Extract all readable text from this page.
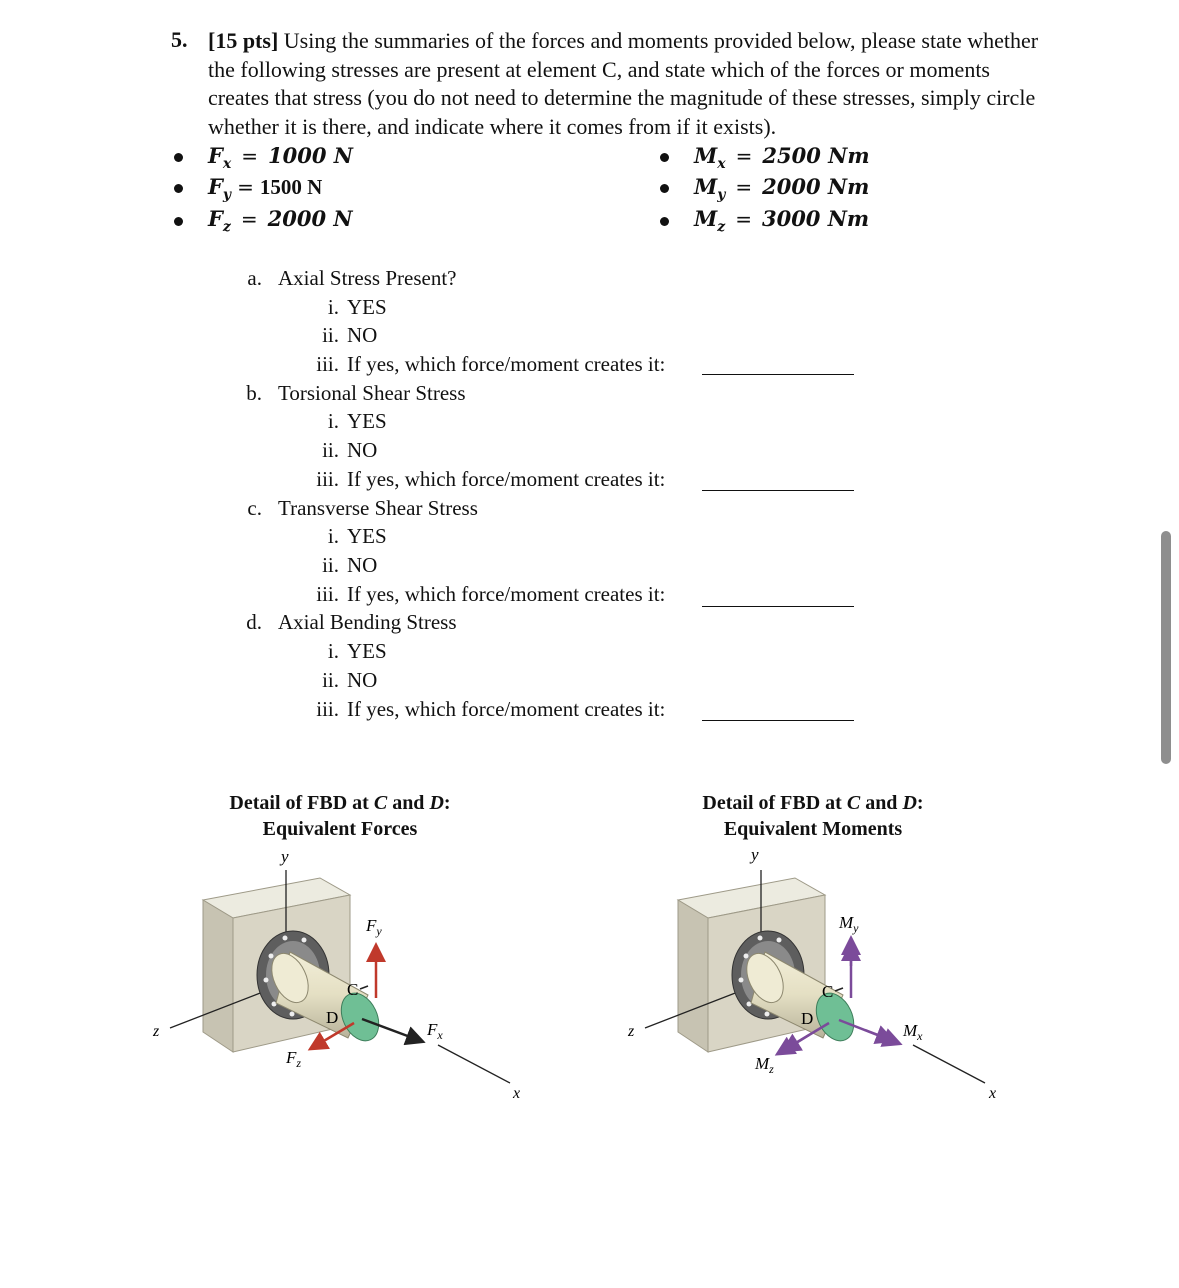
5. [15 pts] Using the summaries of the forces and moments provided below, please state whether the following stresses are present at element C, and state which of the forces or moments creates that stress (you do not need to determine the magnitude of these stresses, simply circle whether it is there, and indicate where it comes from if it exists).
$F_x = 1000$ N
$F_y = 1500$ N
$F_z = 2000$ N
$M_x = 2500$ Nm
$M_y = 2000$ Nm
$M_z = 3000$ Nm
a. Axial Stress Present?
i. YES
ii. NO
iii. If yes, which force/moment creates it:
b. Torsional Shear Stress
i. YES
ii. NO
iii. If yes, which force/moment creates it:
c. Transverse Shear Stress
i. YES
ii. NO
iii. If yes, which force/moment creates it:
d. Axial Bending Stress
i. YES
ii. NO
iii. If yes, which force/moment creates it:
Detail of FBD at C and D:
Equivalent Forces
Detail of FBD at C and D:
Equivalent Moments
y
z
x
$F_y$
$F_x$
$F_z$
C
D
y
z
x
$M_y$
$M_x$
$M_z$
C
D
